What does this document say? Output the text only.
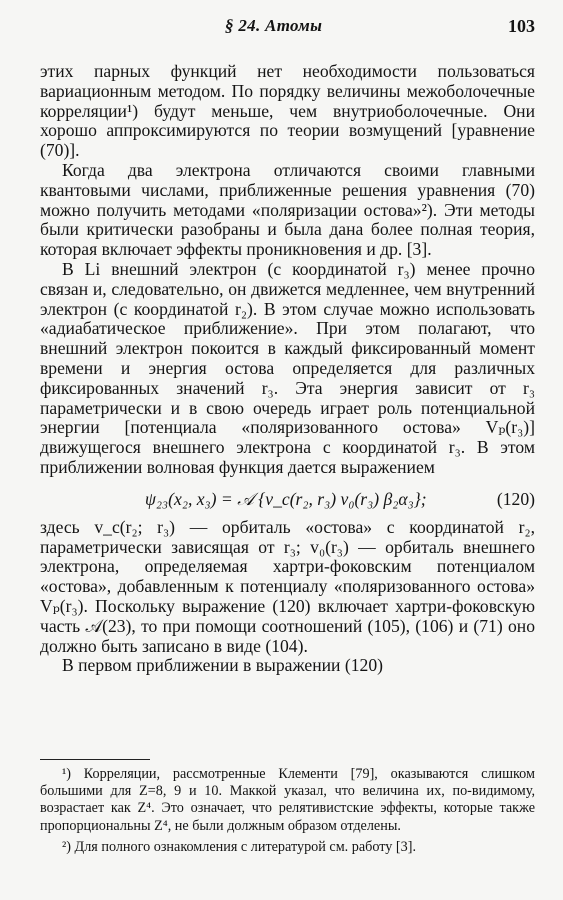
§ 24. Атомы	103

этих парных функций нет необходимости пользоваться вариационным методом. По порядку величины межоболочечные корреляции¹) будут меньше, чем внутриоболочечные. Они хорошо аппроксимируются по теории возмущений [уравнение (70)].

Когда два электрона отличаются своими главными квантовыми числами, приближенные решения уравнения (70) можно получить методами «поляризации остова»²). Эти методы были критически разобраны и была дана более полная теория, которая включает эффекты проникновения и др. [3].

В Li внешний электрон (с координатой r₃) менее прочно связан и, следовательно, он движется медленнее, чем внутренний электрон (с координатой r₂). В этом случае можно использовать «адиабатическое приближение». При этом полагают, что внешний электрон покоится в каждый фиксированный момент времени и энергия остова определяется для различных фиксированных значений r₃. Эта энергия зависит от r₃ параметрически и в свою очередь играет роль потенциальной энергии [потенциала «поляризованного остова» Vₚ(r₃)] движущегося внешнего электрона с координатой r₃. В этом приближении волновая функция дается выражением

ψ₂₃(x₂, x₃) = 𝒜 {v_c(r₂, r₃) v₀(r₃) β₂α₃};	(120)

здесь v_c(r₂; r₃) — орбиталь «остова» с координатой r₂, параметрически зависящая от r₃; v₀(r₃) — орбиталь внешнего электрона, определяемая хартри-фоковским потенциалом «остова», добавленным к потенциалу «поляризованного остова» Vₚ(r₃). Поскольку выражение (120) включает хартри-фоковскую часть 𝒜(23), то при помощи соотношений (105), (106) и (71) оно должно быть записано в виде (104).

В первом приближении в выражении (120)

¹) Корреляции, рассмотренные Клементи [79], оказываются слишком большими для Z=8, 9 и 10. Маккой указал, что величина их, по-видимому, возрастает как Z⁴. Это означает, что релятивистские эффекты, которые также пропорциональны Z⁴, не были должным образом отделены.

²) Для полного ознакомления с литературой см. работу [3].
